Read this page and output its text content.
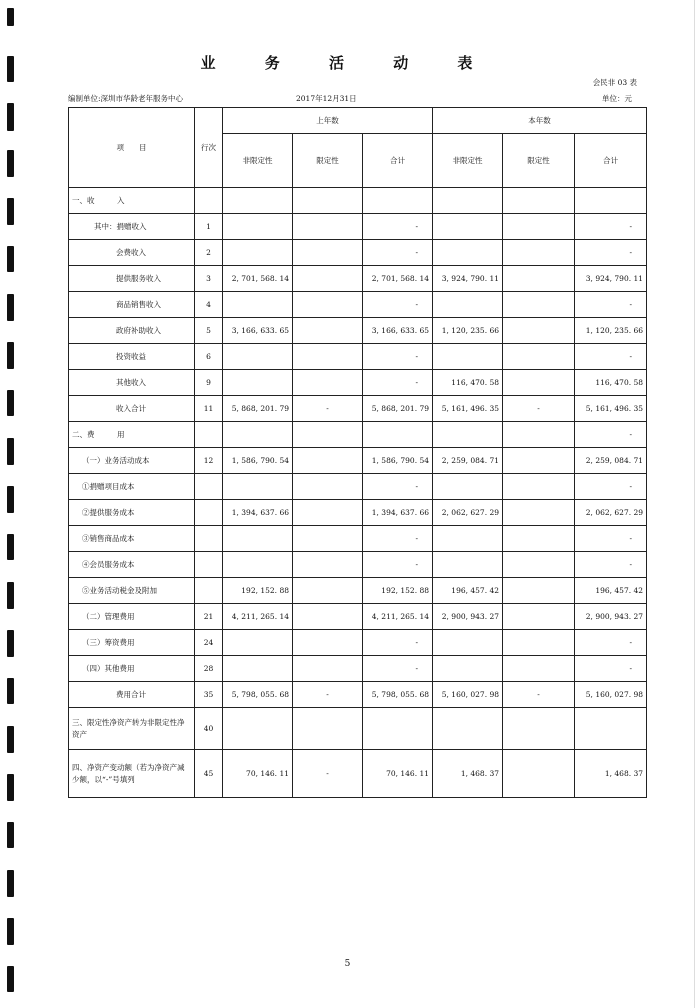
业 务 活 动 表
会民非 03 表
编制单位:深圳市华龄老年服务中心	2017年12月31日	单位：元
项　　目	行次	上年数			本年数		
		非限定性	限定性	合计	非限定性	限定性	合计
一、收　　　入							
其中：捐赠收入	1			-			-
会费收入	2			-			-
提供服务收入	3	2, 701, 568. 14		2, 701, 568. 14	3, 924, 790. 11		3, 924, 790. 11
商品销售收入	4			-			-
政府补助收入	5	3, 166, 633. 65		3, 166, 633. 65	1, 120, 235. 66		1, 120, 235. 66
投资收益	6			-			-
其他收入	9			-	116, 470. 58		116, 470. 58
收入合计	11	5, 868, 201. 79	-	5, 868, 201. 79	5, 161, 496. 35	-	5, 161, 496. 35
二、费　　　用							-
（一）业务活动成本	12	1, 586, 790. 54		1, 586, 790. 54	2, 259, 084. 71		2, 259, 084. 71
①捐赠项目成本				-			-
②提供服务成本		1, 394, 637. 66		1, 394, 637. 66	2, 062, 627. 29		2, 062, 627. 29
③销售商品成本				-			-
④会员服务成本				-			-
⑤业务活动税金及附加		192, 152. 88		192, 152. 88	196, 457. 42		196, 457. 42
（二）管理费用	21	4, 211, 265. 14		4, 211, 265. 14	2, 900, 943. 27		2, 900, 943. 27
（三）筹资费用	24			-			-
（四）其他费用	28			-			-
费用合计	35	5, 798, 055. 68	-	5, 798, 055. 68	5, 160, 027. 98	-	5, 160, 027. 98
三、限定性净资产转为非限定性净资产	40						
四、净资产变动额（若为净资产减少额，以“-”号填列	45	70, 146. 11	-	70, 146. 11	1, 468. 37		1, 468. 37
5
